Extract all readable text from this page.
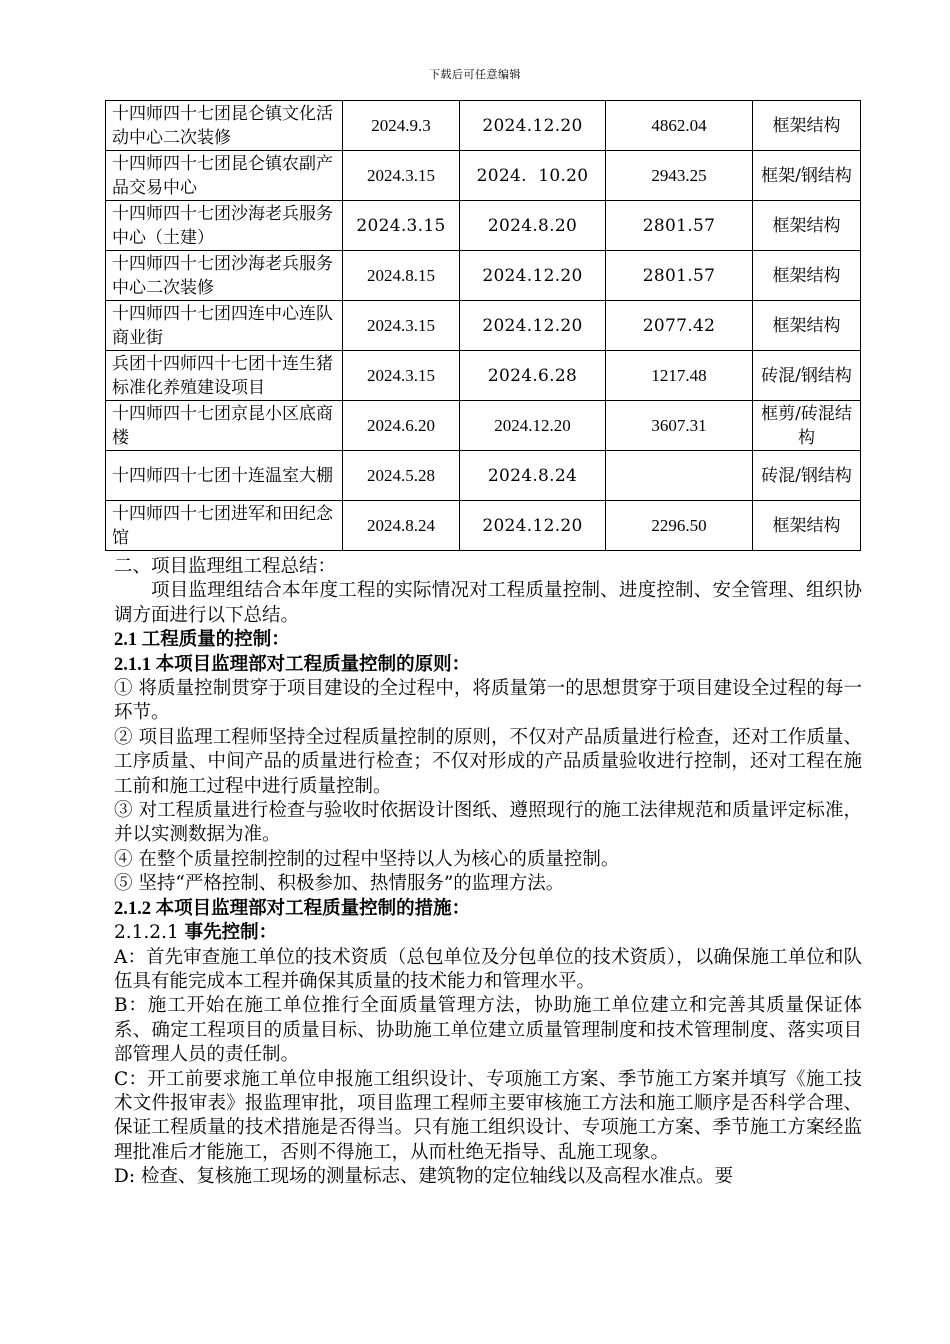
下载后可任意编辑
十四师四十七团昆仑镇文化活动中心二次装修	2024.9.3	2024.12.20	4862.04	框架结构
十四师四十七团昆仑镇农副产品交易中心	2024.3.15	2024.  10.20	2943.25	框架/钢结构
十四师四十七团沙海老兵服务中心（土建）	2024.3.15	2024.8.20	2801.57	框架结构
十四师四十七团沙海老兵服务中心二次装修	2024.8.15	2024.12.20	2801.57	框架结构
十四师四十七团四连中心连队商业街	2024.3.15	2024.12.20	2077.42	框架结构
兵团十四师四十七团十连生猪标准化养殖建设项目	2024.3.15	2024.6.28	1217.48	砖混/钢结构
十四师四十七团京昆小区底商楼	2024.6.20	2024.12.20	3607.31	框剪/砖混结构
十四师四十七团十连温室大棚	2024.5.28	2024.8.24		砖混/钢结构
十四师四十七团进军和田纪念馆	2024.8.24	2024.12.20	2296.50	框架结构

二、项目监理组工程总结：

项目监理组结合本年度工程的实际情况对工程质量控制、进度控制、安全管理、组织协调方面进行以下总结。

2.1 工程质量的控制：

2.1.1 本项目监理部对工程质量控制的原则：

① 将质量控制贯穿于项目建设的全过程中，将质量第一的思想贯穿于项目建设全过程的每一环节。

② 项目监理工程师坚持全过程质量控制的原则，不仅对产品质量进行检查，还对工作质量、工序质量、中间产品的质量进行检查；不仅对形成的产品质量验收进行控制，还对工程在施工前和施工过程中进行质量控制。

③ 对工程质量进行检查与验收时依据设计图纸、遵照现行的施工法律规范和质量评定标准，并以实测数据为准。

④ 在整个质量控制控制的过程中坚持以人为核心的质量控制。

⑤ 坚持“严格控制、积极参加、热情服务”的监理方法。

2.1.2 本项目监理部对工程质量控制的措施：

2.1.2.1 事先控制：

A：首先审查施工单位的技术资质（总包单位及分包单位的技术资质），以确保施工单位和队伍具有能完成本工程并确保其质量的技术能力和管理水平。

B：施工开始在施工单位推行全面质量管理方法，协助施工单位建立和完善其质量保证体系、确定工程项目的质量目标、协助施工单位建立质量管理制度和技术管理制度、落实项目部管理人员的责任制。

C：开工前要求施工单位申报施工组织设计、专项施工方案、季节施工方案并填写《施工技术文件报审表》报监理审批，项目监理工程师主要审核施工方法和施工顺序是否科学合理、保证工程质量的技术措施是否得当。只有施工组织设计、专项施工方案、季节施工方案经监理批准后才能施工，否则不得施工，从而杜绝无指导、乱施工现象。

D: 检查、复核施工现场的测量标志、建筑物的定位轴线以及高程水准点。要
